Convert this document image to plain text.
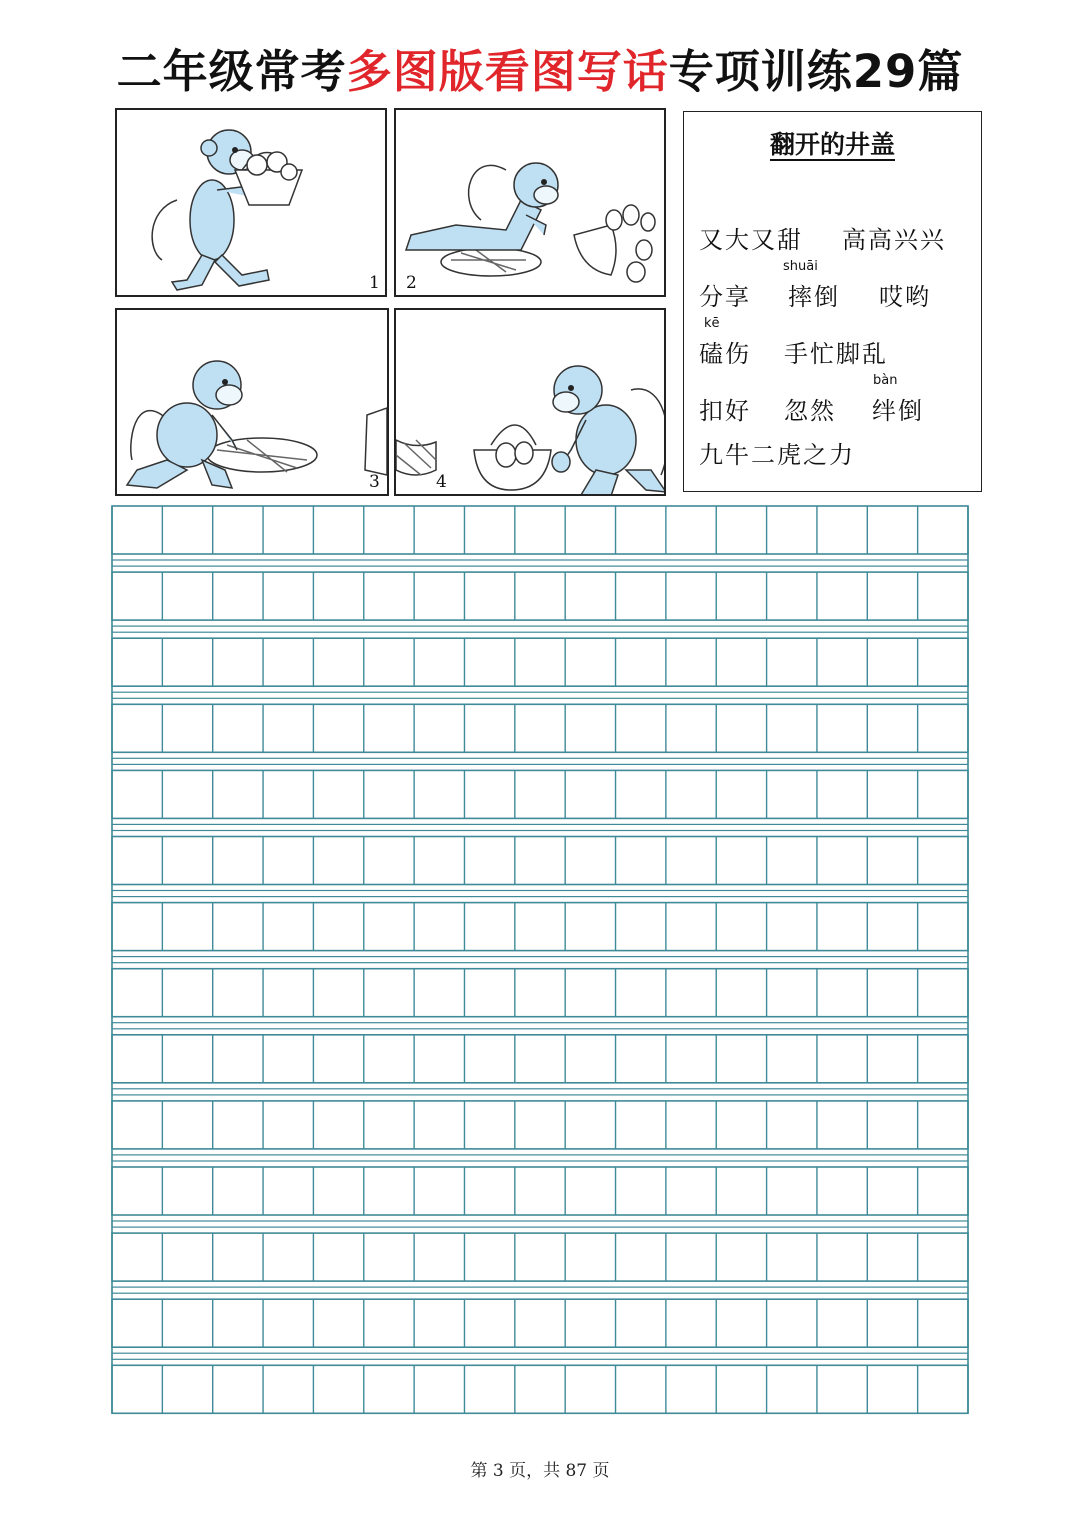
二年级常考多图版看图写话专项训练29篇
1 2
3	4
翻开的井盖
又大又甜 高高兴兴
分享
shuāi
摔倒 哎哟
kē
磕伤 手忙脚乱
扣好 忽然
bàn
绊倒
九牛二虎之力
第 3 页，共 87 页
